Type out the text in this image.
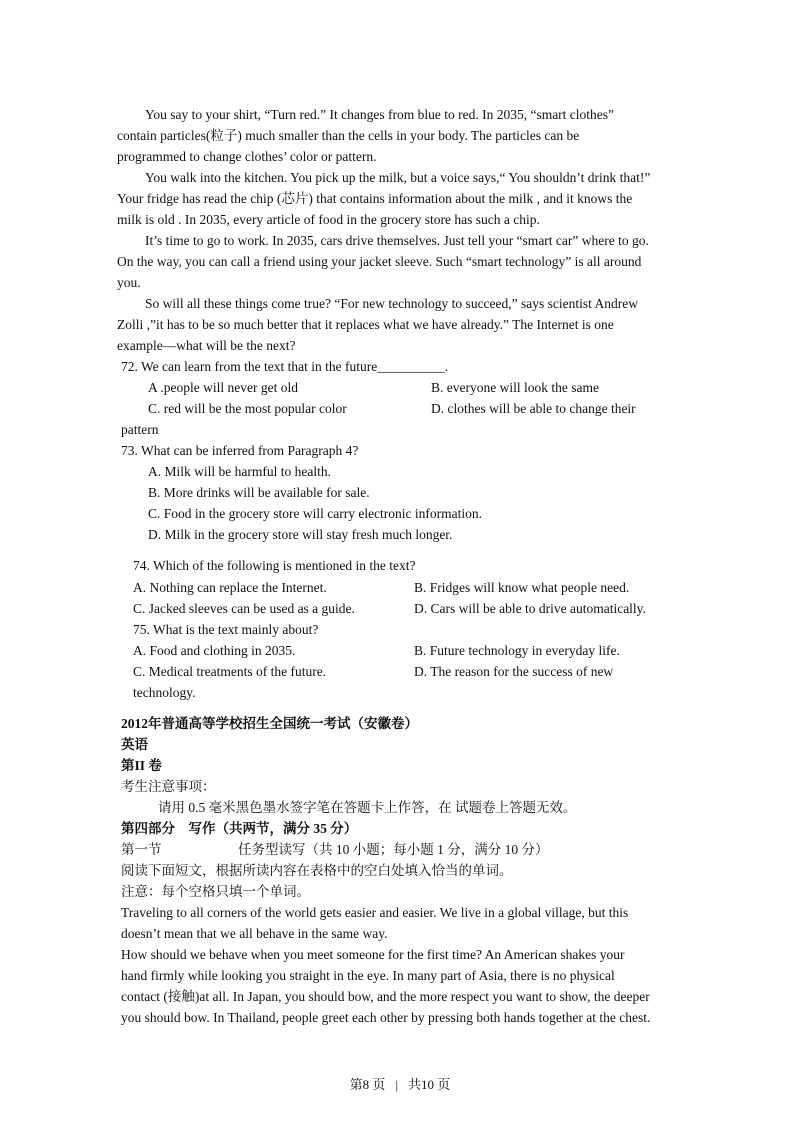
You say to your shirt, “Turn red.” It changes from blue to red. In 2035, “smart clothes”
contain particles(粒子) much smaller than the cells in your body. The particles can be
programmed to change clothes’ color or pattern.
You walk into the kitchen. You pick up the milk, but a voice says,“ You shouldn’t drink that!”
Your fridge has read the chip (芯片) that contains information about the milk , and it knows the
milk is old . In 2035, every article of food in the grocery store has such a chip.
It’s time to go to work. In 2035, cars drive themselves. Just tell your “smart car” where to go.
On the way, you can call a friend using your jacket sleeve. Such “smart technology” is all around
you.
So will all these things come true? “For new technology to succeed,” says scientist Andrew
Zolli ,”it has to be so much better that it replaces what we have already.” The Internet is one
example—what will be the next?
72. We can learn from the text that in the future__________.
A .people will never get old	B. everyone will look the same
C. red will be the most popular color	D. clothes will be able to change their
pattern
73. What can be inferred from Paragraph 4?
A. Milk will be harmful to health.
B. More drinks will be available for sale.
C. Food in the grocery store will carry electronic information.
D. Milk in the grocery store will stay fresh much longer.
74. Which of the following is mentioned in the text?
A. Nothing can replace the Internet.	B. Fridges will know what people need.
C. Jacked sleeves can be used as a guide.	D. Cars will be able to drive automatically.
75. What is the text mainly about?
A. Food and clothing in 2035.	B. Future technology in everyday life.
C. Medical treatments of the future.	D. The reason for the success of new
technology.
2012年普通高等学校招生全国统一考试（安徽卷）
英语
第II 卷
考生注意事项：
请用 0.5 毫米黑色墨水签字笔在答题卡上作答，在 试题卷上答题无效。
第四部分　写作（共两节，满分 35 分）
第一节	任务型读写（共 10 小题；每小题 1 分，满分 10 分）
阅读下面短文，根据所读内容在表格中的空白处填入恰当的单词。
注意：每个空格只填一个单词。
Traveling to all corners of the world gets easier and easier. We live in a global village, but this
doesn’t mean that we all behave in the same way.
How should we behave when you meet someone for the first time? An American shakes your
hand firmly while looking you straight in the eye. In many part of Asia, there is no physical
contact (接触)at all. In Japan, you should bow, and the more respect you want to show, the deeper
you should bow. In Thailand, people greet each other by pressing both hands together at the chest.
第8 页 | 共10 页
